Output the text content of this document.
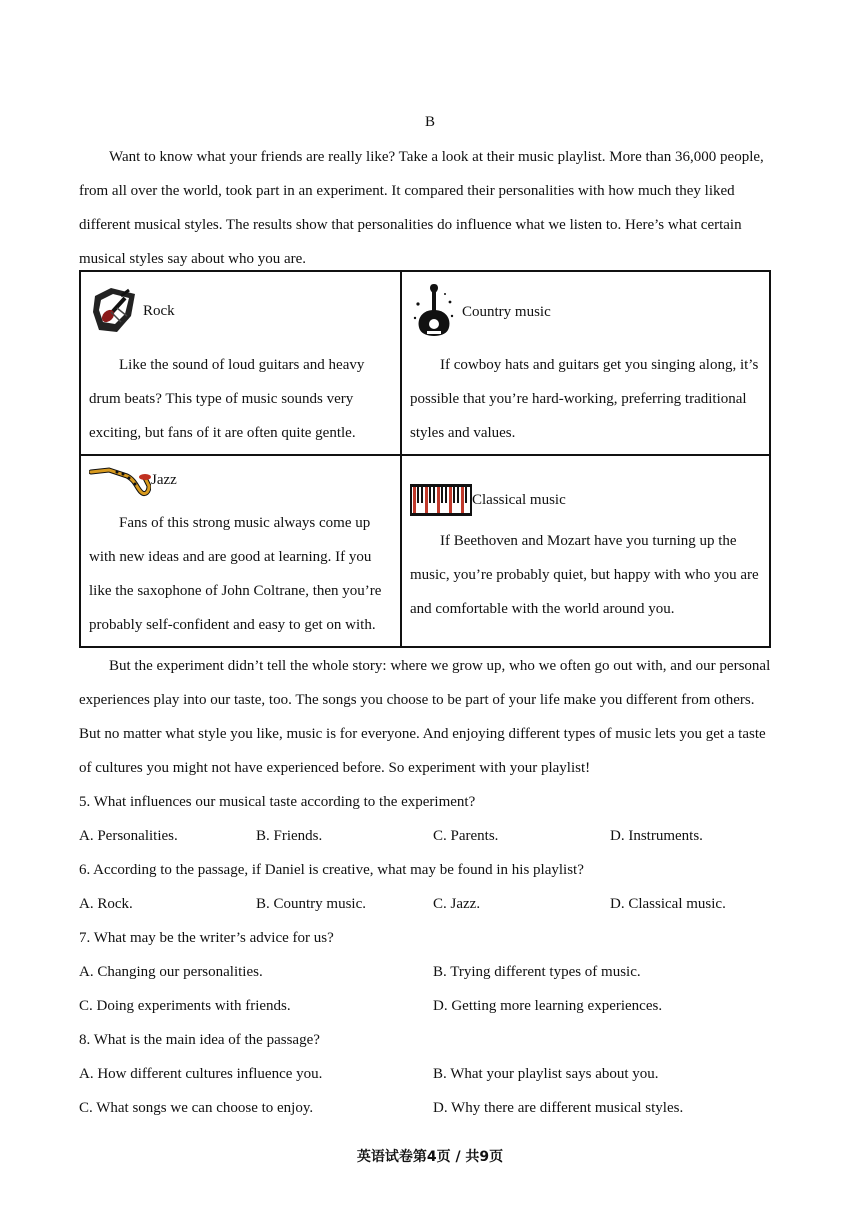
B

Want to know what your friends are really like? Take a look at their music playlist. More than 36,000 people, from all over the world, took part in an experiment. It compared their personalities with how much they liked different musical styles. The results show that personalities do influence what we listen to. Here’s what certain musical styles say about who you are.

Rock

Like the sound of loud guitars and heavy drum beats? This type of music sounds very exciting, but fans of it are often quite gentle.

Country music

If cowboy hats and guitars get you singing along, it’s possible that you’re hard-working, preferring traditional styles and values.

Jazz

Fans of this strong music always come up with new ideas and are good at learning. If you like the saxophone of John Coltrane, then you’re probably self-confident and easy to get on with.

Classical music

If Beethoven and Mozart have you turning up the music, you’re probably quiet, but happy with who you are and comfortable with the world around you.

But the experiment didn’t tell the whole story: where we grow up, who we often go out with, and our personal experiences play into our taste, too. The songs you choose to be part of your life make you different from others. But no matter what style you like, music is for everyone. And enjoying different types of music lets you get a taste of cultures you might not have experienced before. So experiment with your playlist!

5. What influences our musical taste according to the experiment?
A. Personalities.	B. Friends.	C. Parents.	D. Instruments.
6. According to the passage, if Daniel is creative, what may be found in his playlist?
A. Rock.	B. Country music.	C. Jazz.	D. Classical music.
7. What may be the writer’s advice for us?
A. Changing our personalities.	B. Trying different types of music.
C. Doing experiments with friends.	D. Getting more learning experiences.
8. What is the main idea of the passage?
A. How different cultures influence you.	B. What your playlist says about you.
C. What songs we can choose to enjoy.	D. Why there are different musical styles.
英语试卷第4页 / 共9页
